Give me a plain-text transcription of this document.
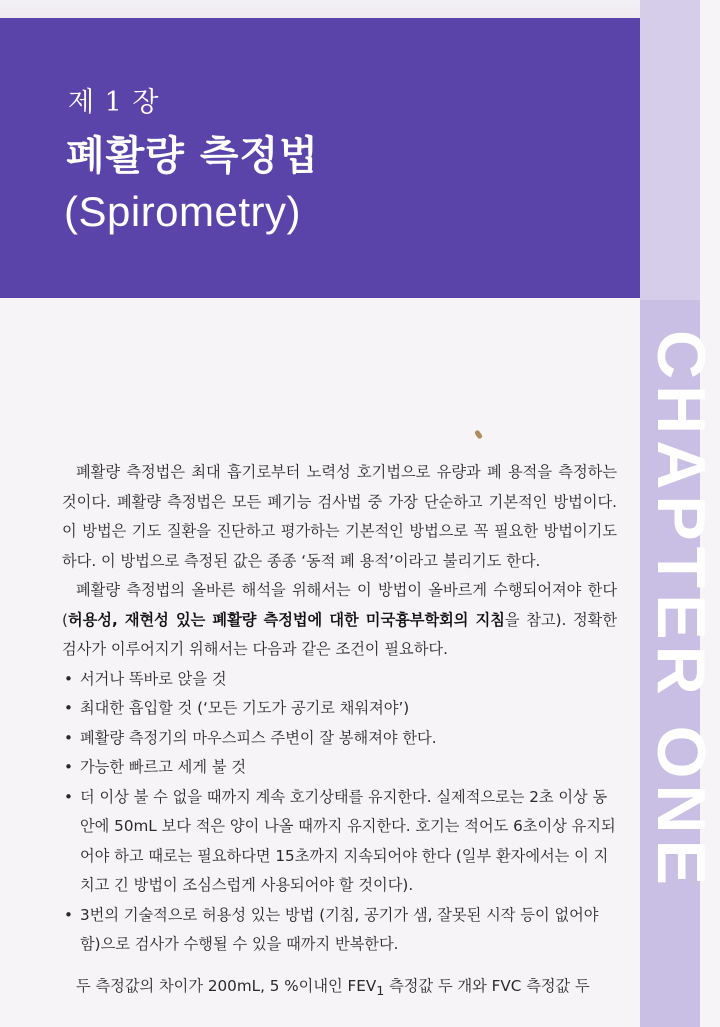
제 1 장
폐활량 측정법
(Spirometry)
CHAPTER ONE

폐활량 측정법은 최대 흡기로부터 노력성 호기법으로 유량과 폐 용적을 측정하는 것이다. 폐활량 측정법은 모든 폐기능 검사법 중 가장 단순하고 기본적인 방법이다. 이 방법은 기도 질환을 진단하고 평가하는 기본적인 방법으로 꼭 필요한 방법이기도 하다. 이 방법으로 측정된 값은 종종 ‘동적 폐 용적’이라고 불리기도 한다.

폐활량 측정법의 올바른 해석을 위해서는 이 방법이 올바르게 수행되어져야 한다 (허용성, 재현성 있는 폐활량 측정법에 대한 미국흉부학회의 지침을 참고). 정확한 검사가 이루어지기 위해서는 다음과 같은 조건이 필요하다.

• 서거나 똑바로 앉을 것
• 최대한 흡입할 것 (‘모든 기도가 공기로 채워져야’)
• 폐활량 측정기의 마우스피스 주변이 잘 봉해져야 한다.
• 가능한 빠르고 세게 불 것
• 더 이상 불 수 없을 때까지 계속 호기상태를 유지한다. 실제적으로는 2초 이상 동안에 50mL 보다 적은 양이 나올 때까지 유지한다. 호기는 적어도 6초이상 유지되어야 하고 때로는 필요하다면 15초까지 지속되어야 한다 (일부 환자에서는 이 지치고 긴 방법이 조심스럽게 사용되어야 할 것이다).
• 3번의 기술적으로 허용성 있는 방법 (기침, 공기가 샘, 잘못된 시작 등이 없어야 함)으로 검사가 수행될 수 있을 때까지 반복한다.

두 측정값의 차이가 200mL, 5 %이내인 $FEV_1$ 측정값 두 개와 FVC 측정값 두
